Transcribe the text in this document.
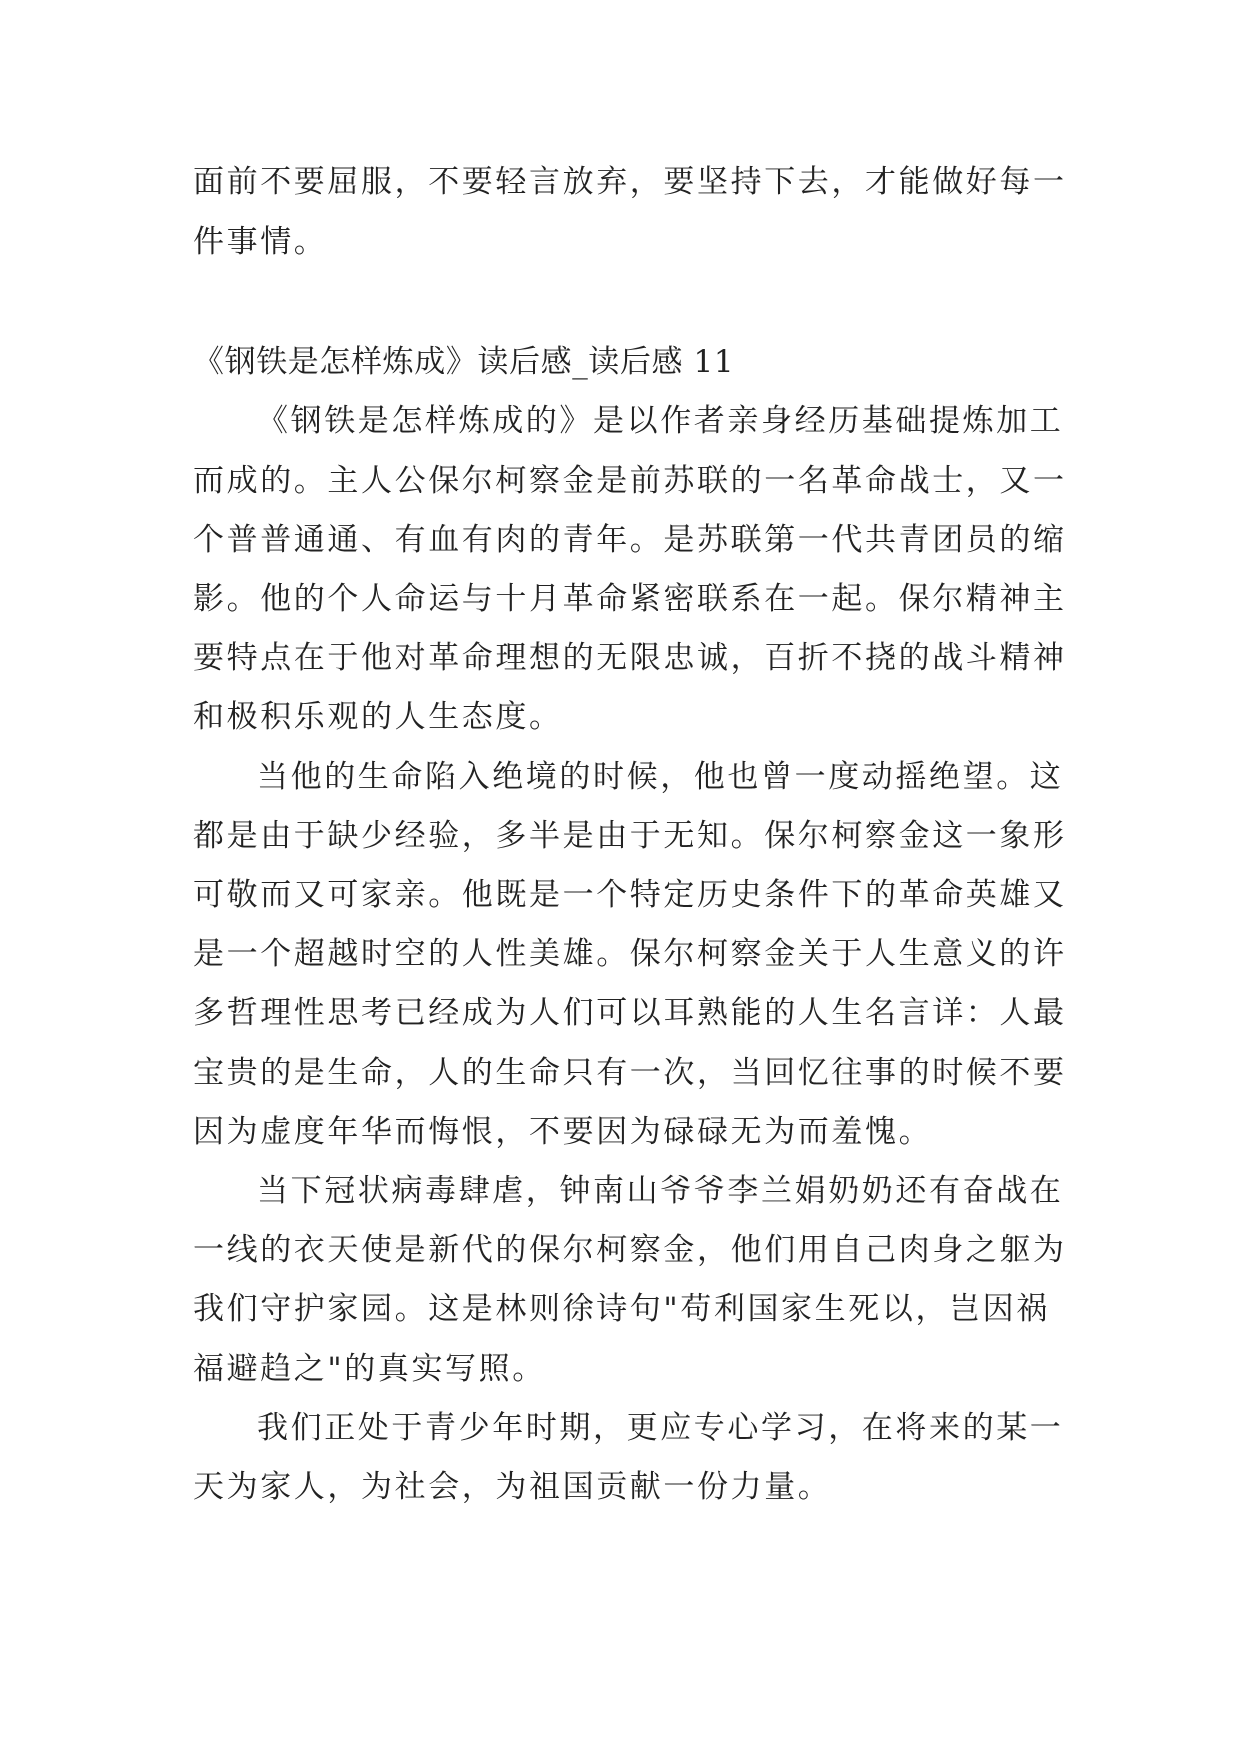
面前不要屈服，不要轻言放弃，要坚持下去，才能做好每一
件事情。
《钢铁是怎样炼成》读后感_读后感 11
《钢铁是怎样炼成的》是以作者亲身经历基础提炼加工
而成的。主人公保尔柯察金是前苏联的一名革命战士，又一
个普普通通、有血有肉的青年。是苏联第一代共青团员的缩
影。他的个人命运与十月革命紧密联系在一起。保尔精神主
要特点在于他对革命理想的无限忠诚，百折不挠的战斗精神
和极积乐观的人生态度。
当他的生命陷入绝境的时候，他也曾一度动摇绝望。这
都是由于缺少经验，多半是由于无知。保尔柯察金这一象形
可敬而又可家亲。他既是一个特定历史条件下的革命英雄又
是一个超越时空的人性美雄。保尔柯察金关于人生意义的许
多哲理性思考已经成为人们可以耳熟能的人生名言详：人最
宝贵的是生命，人的生命只有一次，当回忆往事的时候不要
因为虚度年华而悔恨，不要因为碌碌无为而羞愧。
当下冠状病毒肆虐，钟南山爷爷李兰娟奶奶还有奋战在
一线的衣天使是新代的保尔柯察金，他们用自己肉身之躯为
我们守护家园。这是林则徐诗句"苟利国家生死以，岂因祸
福避趋之"的真实写照。
我们正处于青少年时期，更应专心学习，在将来的某一
天为家人，为社会，为祖国贡献一份力量。
